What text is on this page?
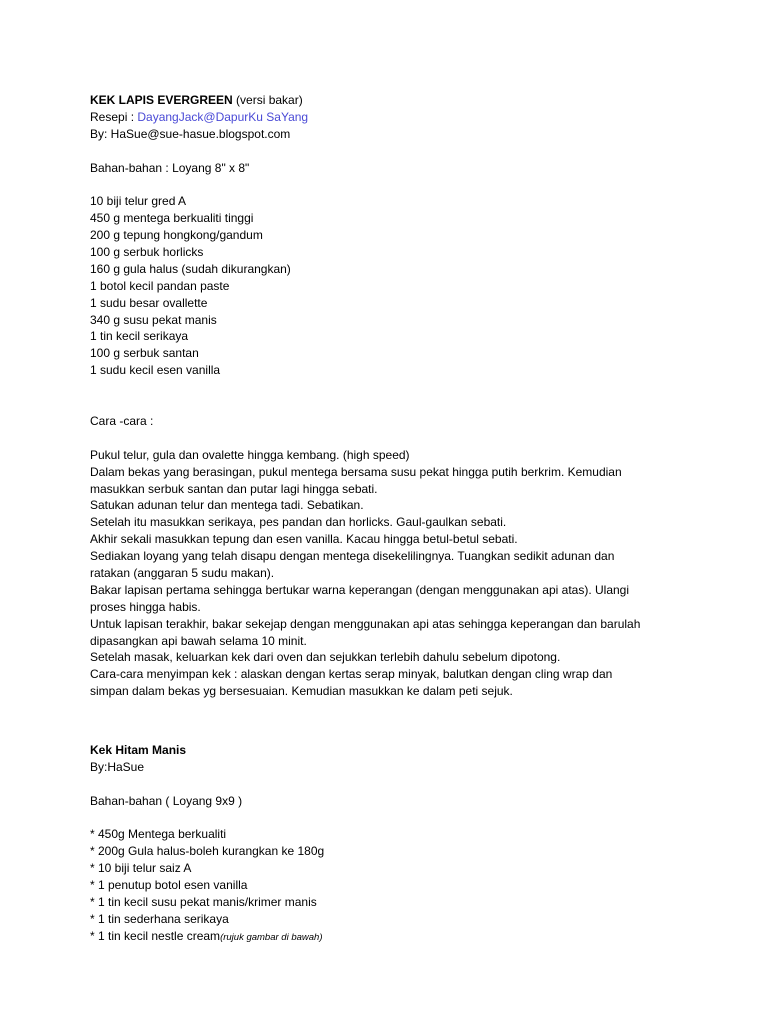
KEK LAPIS EVERGREEN (versi bakar)
Resepi : DayangJack@DapurKu SaYang
By: HaSue@sue-hasue.blogspot.com
Bahan-bahan : Loyang 8" x 8"
10 biji telur gred A
450 g mentega berkualiti tinggi
200 g tepung hongkong/gandum
100 g serbuk horlicks
160 g gula halus (sudah dikurangkan)
1 botol kecil pandan paste
1 sudu besar ovallette
340 g susu pekat manis
1 tin kecil serikaya
100 g serbuk santan
1 sudu kecil esen vanilla
Cara -cara :
Pukul telur, gula dan ovalette hingga kembang. (high speed)
Dalam bekas yang berasingan, pukul mentega bersama susu pekat hingga putih berkrim. Kemudian
masukkan serbuk santan dan putar lagi hingga sebati.
Satukan adunan telur dan mentega tadi. Sebatikan.
Setelah itu masukkan serikaya, pes pandan dan horlicks. Gaul-gaulkan sebati.
Akhir sekali masukkan tepung dan esen vanilla. Kacau hingga betul-betul sebati.
Sediakan loyang yang telah disapu dengan mentega disekelilingnya. Tuangkan sedikit adunan dan
ratakan (anggaran 5 sudu makan).
Bakar lapisan pertama sehingga bertukar warna keperangan (dengan menggunakan api atas). Ulangi
proses hingga habis.
Untuk lapisan terakhir, bakar sekejap dengan menggunakan api atas sehingga keperangan dan barulah
dipasangkan api bawah selama 10 minit.
Setelah masak, keluarkan kek dari oven dan sejukkan terlebih dahulu sebelum dipotong.
Cara-cara menyimpan kek : alaskan dengan kertas serap minyak, balutkan dengan cling wrap dan
simpan dalam bekas yg bersesuaian. Kemudian masukkan ke dalam peti sejuk.
Kek Hitam Manis
By:HaSue
Bahan-bahan ( Loyang 9x9 )
* 450g Mentega berkualiti
* 200g Gula halus-boleh kurangkan ke 180g
* 10 biji telur saiz A
* 1 penutup botol esen vanilla
* 1 tin kecil susu pekat manis/krimer manis
* 1 tin sederhana serikaya
* 1 tin kecil nestle cream(rujuk gambar di bawah)
